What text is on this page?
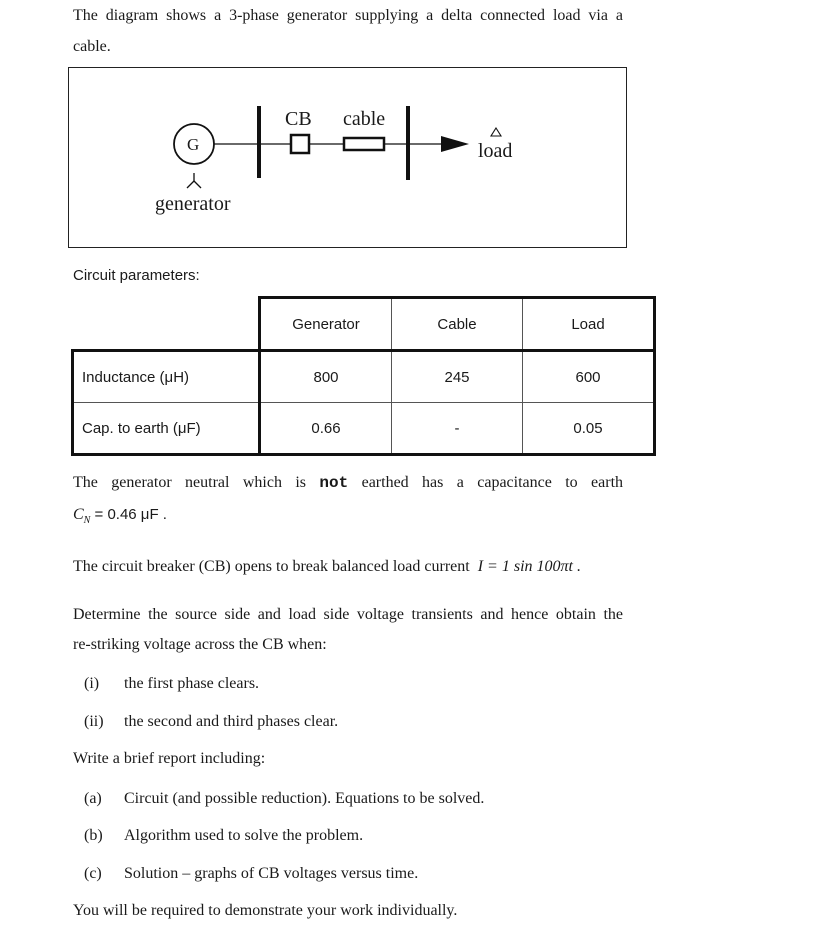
The diagram shows a 3-phase generator supplying a delta connected load via a
cable.
G
generator
CB cable
load
Circuit parameters:
	Generator	Cable	Load
Inductance (μH)	800	245	600
Cap. to earth (μF)	0.66	-	0.05
The generator neutral which is not earthed has a capacitance to earth
$C_N = 0.46$ μF .
The circuit breaker (CB) opens to break balanced load current I = 1 sin 100πt .
Determine the source side and load side voltage transients and hence obtain the
re-striking voltage across the CB when:
(i) the first phase clears.
(ii) the second and third phases clear.
Write a brief report including:
(a) Circuit (and possible reduction). Equations to be solved.
(b) Algorithm used to solve the problem.
(c) Solution – graphs of CB voltages versus time.
You will be required to demonstrate your work individually.
